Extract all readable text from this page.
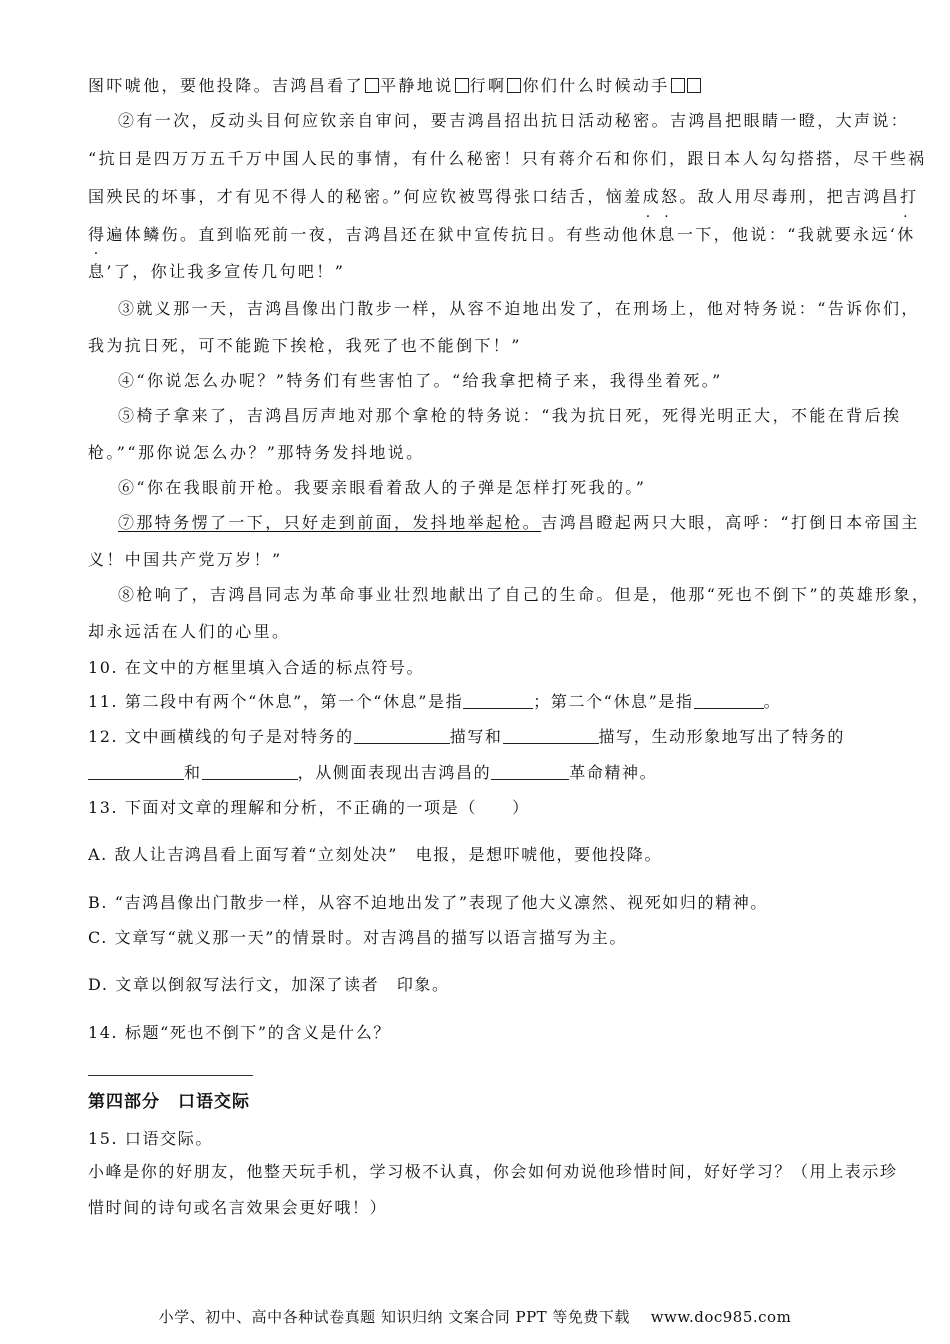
图吓唬他，要他投降。吉鸿昌看了 平静地说 行啊 你们什么时候动手
②有一次，反动头目何应钦亲自审问，要吉鸿昌招出抗日活动秘密。吉鸿昌把眼睛一瞪，大声说：
“抗日是四万万五千万中国人民的事情，有什么秘密！只有蒋介石和你们，跟日本人勾勾搭搭，尽干些祸
国殃民的坏事，才有见不得人的秘密。”何应钦被骂得张口结舌，恼羞成怒。敌人用尽毒刑，把吉鸿昌打
得遍体鳞伤。直到临死前一夜，吉鸿昌还在狱中宣传抗日。有些动他休息一下，他说：“我就要永远‘休
息’了，你让我多宣传几句吧！”
③就义那一天，吉鸿昌像出门散步一样，从容不迫地出发了，在刑场上，他对特务说：“告诉你们，
我为抗日死，可不能跪下挨枪，我死了也不能倒下！”
④“你说怎么办呢？”特务们有些害怕了。“给我拿把椅子来，我得坐着死。”
⑤椅子拿来了，吉鸿昌厉声地对那个拿枪的特务说：“我为抗日死，死得光明正大，不能在背后挨
枪。”“那你说怎么办？”那特务发抖地说。
⑥“你在我眼前开枪。我要亲眼看着敌人的子弹是怎样打死我的。”
⑦那特务愣了一下，只好走到前面，发抖地举起枪。吉鸿昌瞪起两只大眼，高呼：“打倒日本帝国主
义！中国共产党万岁！”
⑧枪响了，吉鸿昌同志为革命事业壮烈地献出了自己的生命。但是，他那“死也不倒下”的英雄形象，
却永远活在人们的心里。
10. 在文中的方框里填入合适的标点符号。
11. 第二段中有两个“休息”，第一个“休息”是指	；第二个“休息”是指	。
12. 文中画横线的句子是对特务的	描写和	描写，生动形象地写出了特务的
和	，从侧面表现出吉鸿昌的	革命精神。
13. 下面对文章的理解和分析，不正确的一项是（　　）
A. 敌人让吉鸿昌看上面写着“立刻处决”　电报，是想吓唬他，要他投降。
B. “吉鸿昌像出门散步一样，从容不迫地出发了”表现了他大义凛然、视死如归的精神。
C. 文章写“就义那一天”的情景时。对吉鸿昌的描写以语言描写为主。
D. 文章以倒叙写法行文，加深了读者　印象。
14. 标题“死也不倒下”的含义是什么？
第四部分　口语交际
15. 口语交际。
小峰是你的好朋友，他整天玩手机，学习极不认真，你会如何劝说他珍惜时间，好好学习？（用上表示珍
惜时间的诗句或名言效果会更好哦！）
小学、初中、高中各种试卷真题 知识归纳 文案合同 PPT 等免费下载　 www.doc985.com
